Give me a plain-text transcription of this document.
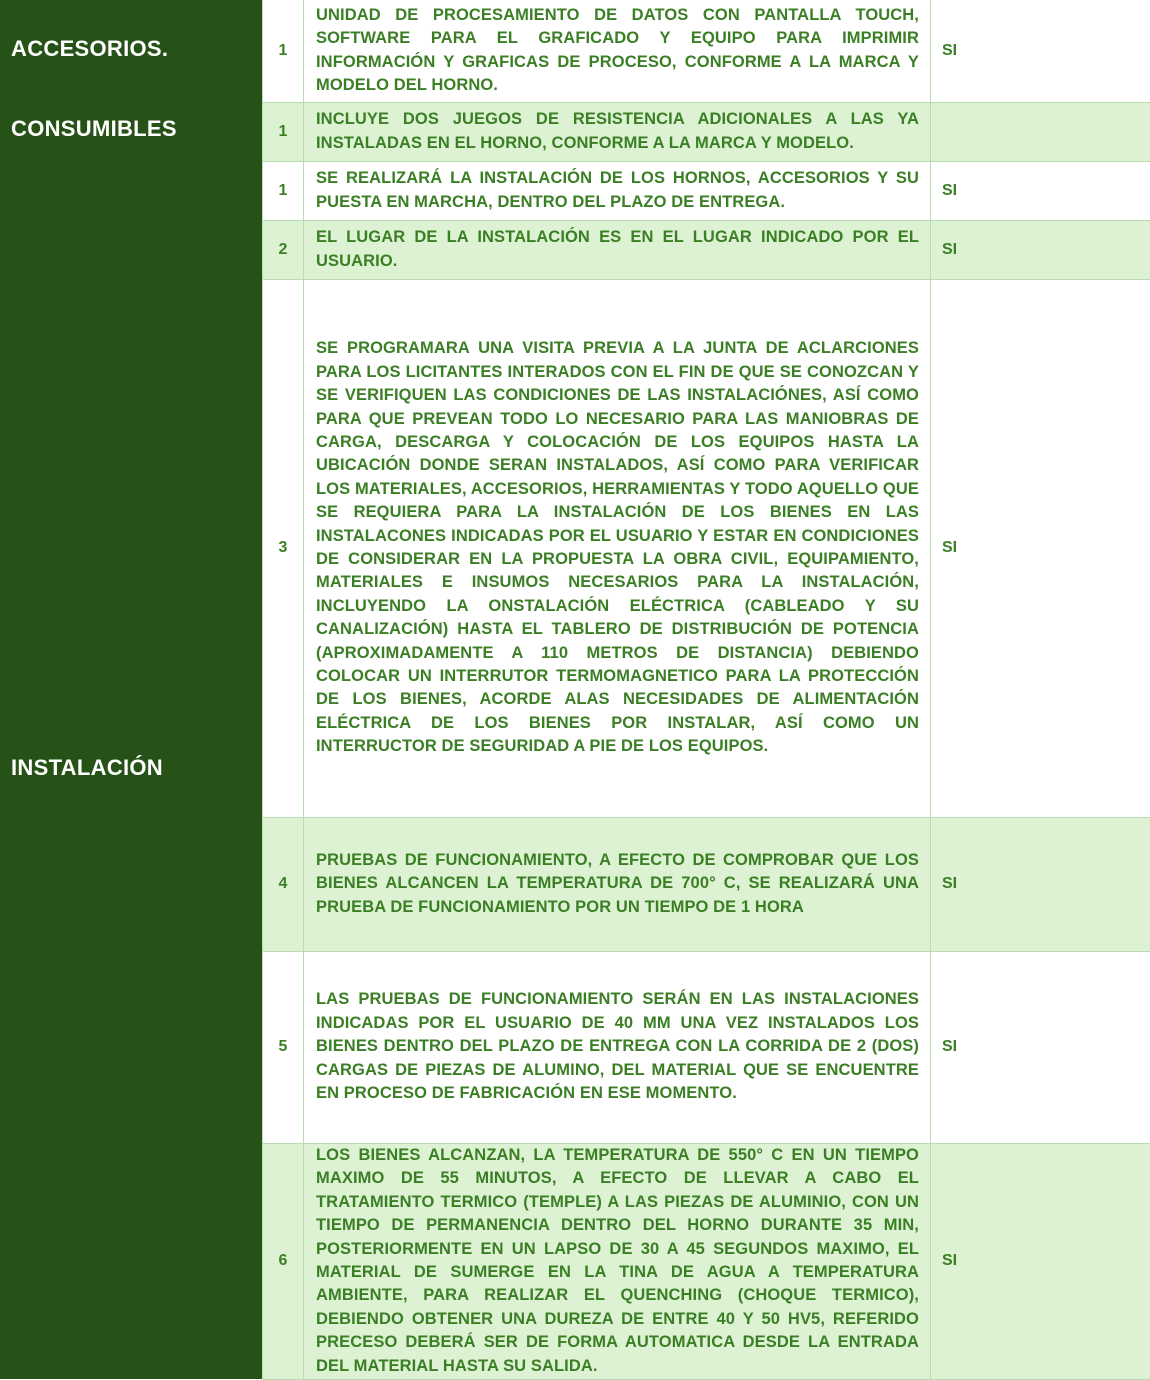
ACCESORIOS.
CONSUMIBLES
INSTALACIÓN
1	UNIDAD DE PROCESAMIENTO DE DATOS CON PANTALLA TOUCH, SOFTWARE PARA EL GRAFICADO Y EQUIPO PARA IMPRIMIR INFORMACIÓN Y GRAFICAS DE PROCESO, CONFORME A LA MARCA Y MODELO DEL HORNO.	SI
1	INCLUYE DOS JUEGOS DE RESISTENCIA ADICIONALES A LAS YA INSTALADAS EN EL HORNO, CONFORME A LA MARCA Y MODELO.	
1	SE REALIZARÁ LA INSTALACIÓN DE LOS HORNOS, ACCESORIOS Y SU PUESTA EN MARCHA, DENTRO DEL PLAZO DE ENTREGA.	SI
2	EL LUGAR DE LA INSTALACIÓN ES EN EL LUGAR INDICADO POR EL USUARIO.	SI
3	SE PROGRAMARA UNA VISITA PREVIA A LA JUNTA DE ACLARCIONES PARA LOS LICITANTES INTERADOS CON EL FIN DE QUE SE CONOZCAN Y SE VERIFIQUEN LAS CONDICIONES DE LAS INSTALACIÓNES, ASÍ COMO PARA QUE PREVEAN TODO LO NECESARIO PARA LAS MANIOBRAS DE CARGA, DESCARGA Y COLOCACIÓN DE LOS EQUIPOS HASTA LA UBICACIÓN DONDE SERAN INSTALADOS, ASÍ COMO PARA VERIFICAR LOS MATERIALES, ACCESORIOS, HERRAMIENTAS Y TODO AQUELLO QUE SE REQUIERA PARA LA INSTALACIÓN DE LOS BIENES EN LAS INSTALACONES INDICADAS POR EL USUARIO Y ESTAR EN CONDICIONES DE CONSIDERAR EN LA PROPUESTA LA OBRA CIVIL, EQUIPAMIENTO, MATERIALES E INSUMOS NECESARIOS PARA LA INSTALACIÓN, INCLUYENDO LA ONSTALACIÓN ELÉCTRICA (CABLEADO Y SU CANALIZACIÓN) HASTA EL TABLERO DE DISTRIBUCIÓN DE POTENCIA (APROXIMADAMENTE A 110 METROS DE DISTANCIA) DEBIENDO COLOCAR UN INTERRUTOR TERMOMAGNETICO PARA LA PROTECCIÓN DE LOS BIENES, ACORDE ALAS NECESIDADES DE ALIMENTACIÓN ELÉCTRICA DE LOS BIENES POR INSTALAR, ASÍ COMO UN INTERRUCTOR DE SEGURIDAD A PIE DE LOS EQUIPOS.	SI
4	PRUEBAS DE FUNCIONAMIENTO, A EFECTO DE COMPROBAR QUE LOS BIENES ALCANCEN LA TEMPERATURA DE 700° C, SE REALIZARÁ UNA PRUEBA DE FUNCIONAMIENTO POR UN TIEMPO DE 1 HORA	SI
5	LAS PRUEBAS DE FUNCIONAMIENTO SERÁN EN LAS INSTALACIONES INDICADAS POR EL USUARIO DE 40 MM UNA VEZ INSTALADOS LOS BIENES DENTRO DEL PLAZO DE ENTREGA CON LA CORRIDA DE 2 (DOS) CARGAS DE PIEZAS DE ALUMINO, DEL MATERIAL QUE SE ENCUENTRE EN PROCESO DE FABRICACIÓN EN ESE MOMENTO.	SI
6	LOS BIENES ALCANZAN, LA TEMPERATURA DE 550° C EN UN TIEMPO MAXIMO DE 55 MINUTOS, A EFECTO DE LLEVAR A CABO EL TRATAMIENTO TERMICO (TEMPLE) A LAS PIEZAS DE ALUMINIO, CON UN TIEMPO DE PERMANENCIA DENTRO DEL HORNO DURANTE 35 MIN, POSTERIORMENTE EN UN LAPSO DE 30 A 45 SEGUNDOS MAXIMO, EL MATERIAL DE SUMERGE EN LA TINA DE AGUA A TEMPERATURA AMBIENTE, PARA REALIZAR EL QUENCHING (CHOQUE TERMICO), DEBIENDO OBTENER UNA DUREZA DE ENTRE 40 Y 50 HV5, REFERIDO PRECESO DEBERÁ SER DE FORMA AUTOMATICA DESDE LA ENTRADA DEL MATERIAL HASTA SU SALIDA.	SI
